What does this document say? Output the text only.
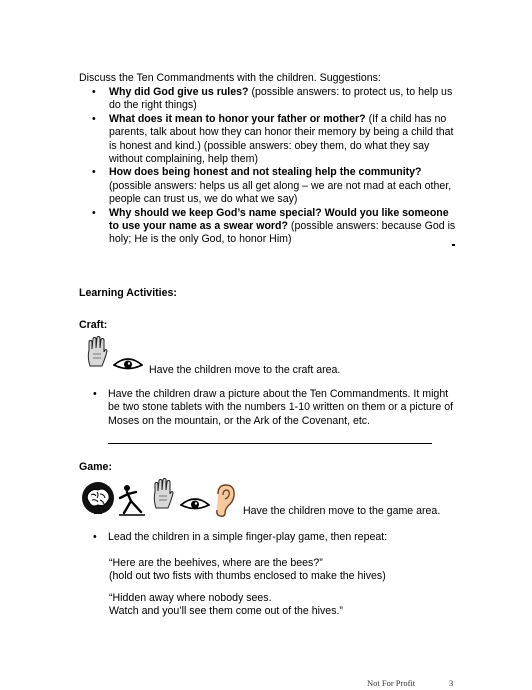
Discuss the Ten Commandments with the children. Suggestions:
• Why did God give us rules? (possible answers: to protect us, to help us do the right things)
• What does it mean to honor your father or mother? (If a child has no parents, talk about how they can honor their memory by being a child that is honest and kind.) (possible answers: obey them, do what they say without complaining, help them)
• How does being honest and not stealing help the community? (possible answers: helps us all get along – we are not mad at each other, people can trust us, we do what we say)
• Why should we keep God’s name special? Would you like someone to use your name as a swear word? (possible answers: because God is holy; He is the only God, to honor Him)
Learning Activities:
Craft:
Have the children move to the craft area.
• Have the children draw a picture about the Ten Commandments. It might be two stone tablets with the numbers 1-10 written on them or a picture of Moses on the mountain, or the Ark of the Covenant, etc.
Game:
Have the children move to the game area.
• Lead the children in a simple finger-play game, then repeat:
“Here are the beehives, where are the bees?”
(hold out two fists with thumbs enclosed to make the hives)
“Hidden away where nobody sees.
Watch and you’ll see them come out of the hives.”
Not For Profit	3
